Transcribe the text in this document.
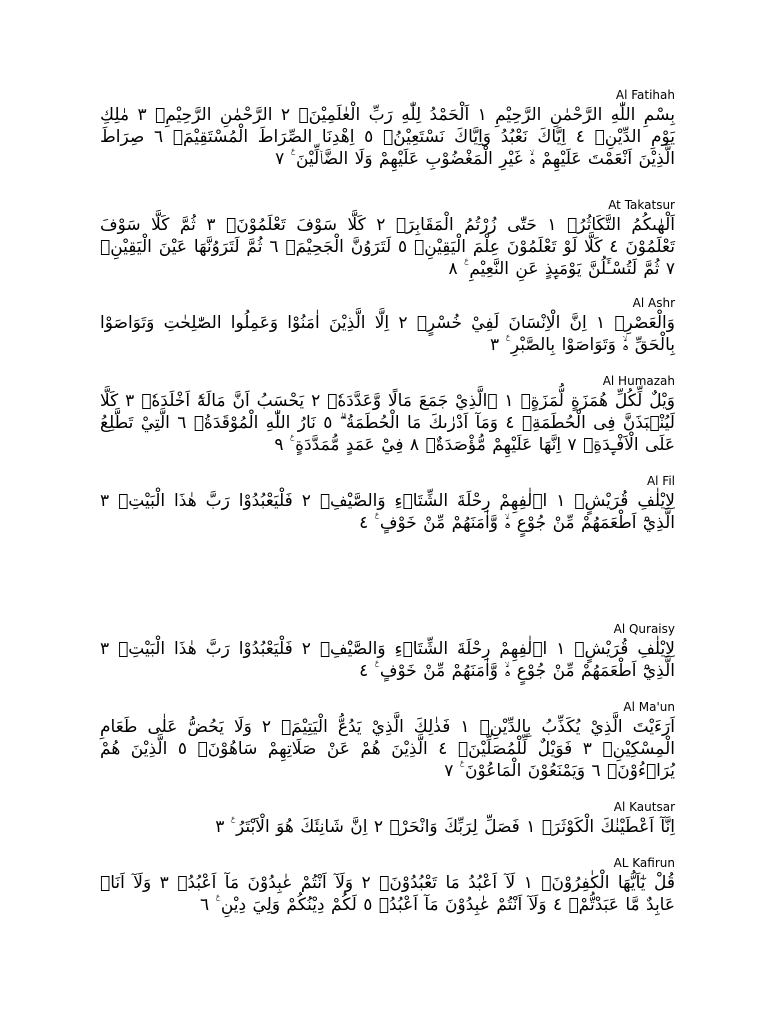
Al Fatihah

بِسْمِ اللّٰهِ الرَّحْمٰنِ الرَّحِيْمِ ١ اَلْحَمْدُ لِلّٰهِ رَبِّ الْعٰلَمِيْنَۙ ٢ الرَّحْمٰنِ الرَّحِيْمِۙ ٣ مٰلِكِ يَوْمِ الدِّيْنِۗ ٤ اِيَّاكَ نَعْبُدُ وَاِيَّاكَ نَسْتَعِيْنُۗ ٥ اِهْدِنَا الصِّرَاطَ الْمُسْتَقِيْمَۙ ٦ صِرَاطَ الَّذِيْنَ اَنْعَمْتَ عَلَيْهِمْ ەۙ غَيْرِ الْمَغْضُوْبِ عَلَيْهِمْ وَلَا الضَّاۤلِّيْنَ ࣖ ٧

At Takatsur

اَلْهٰىكُمُ التَّكَاثُرُۙ ١ حَتّٰى زُرْتُمُ الْمَقَابِرَۗ ٢ كَلَّا سَوْفَ تَعْلَمُوْنَۙ ٣ ثُمَّ كَلَّا سَوْفَ تَعْلَمُوْنَ ٤ كَلَّا لَوْ تَعْلَمُوْنَ عِلْمَ الْيَقِيْنِۗ ٥ لَتَرَوُنَّ الْجَحِيْمَۙ ٦ ثُمَّ لَتَرَوُنَّهَا عَيْنَ الْيَقِيْنِۙ ٧ ثُمَّ لَتُسْـَٔلُنَّ يَوْمَىِٕذٍ عَنِ النَّعِيْمِ ࣖ ٨

Al Ashr

وَالْعَصْرِۙ ١ اِنَّ الْاِنْسَانَ لَفِيْ خُسْرٍۙ ٢ اِلَّا الَّذِيْنَ اٰمَنُوْا وَعَمِلُوا الصّٰلِحٰتِ وَتَوَاصَوْا بِالْحَقِّ ەۙ وَتَوَاصَوْا بِالصَّبْرِ ࣖ ٣

Al Humazah

وَيْلٌ لِّكُلِّ هُمَزَةٍ لُّمَزَةٍۙ ١ ۨالَّذِيْ جَمَعَ مَالًا وَّعَدَّدَهٗۙ ٢ يَحْسَبُ اَنَّ مَالَهٗٓ اَخْلَدَهٗۚ ٣ كَلَّا لَيُنْۢبَذَنَّ فِى الْحُطَمَةِۖ ٤ وَمَآ اَدْرٰىكَ مَا الْحُطَمَةُ ۗ ٥ نَارُ اللّٰهِ الْمُوْقَدَةُۙ ٦ الَّتِيْ تَطَّلِعُ عَلَى الْاَفْـِٕدَةِۗ ٧ اِنَّهَا عَلَيْهِمْ مُّؤْصَدَةٌۙ ٨ فِيْ عَمَدٍ مُّمَدَّدَةٍ ࣖ ٩

Al Fil

لِاِيْلٰفِ قُرَيْشٍۙ ١ اٖلٰفِهِمْ رِحْلَةَ الشِّتَاۤءِ وَالصَّيْفِۚ ٢ فَلْيَعْبُدُوْا رَبَّ هٰذَا الْبَيْتِۙ ٣ الَّذِيْٓ اَطْعَمَهُمْ مِّنْ جُوْعٍ ەۙ وَّاٰمَنَهُمْ مِّنْ خَوْفٍ ࣖ ٤

Al Quraisy

لِاِيْلٰفِ قُرَيْشٍۙ ١ اٖلٰفِهِمْ رِحْلَةَ الشِّتَاۤءِ وَالصَّيْفِۚ ٢ فَلْيَعْبُدُوْا رَبَّ هٰذَا الْبَيْتِۙ ٣ الَّذِيْٓ اَطْعَمَهُمْ مِّنْ جُوْعٍ ەۙ وَّاٰمَنَهُمْ مِّنْ خَوْفٍ ࣖ ٤

Al Ma'un

اَرَءَيْتَ الَّذِيْ يُكَذِّبُ بِالدِّيْنِۗ ١ فَذٰلِكَ الَّذِيْ يَدُعُّ الْيَتِيْمَۙ ٢ وَلَا يَحُضُّ عَلٰى طَعَامِ الْمِسْكِيْنِۗ ٣ فَوَيْلٌ لِّلْمُصَلِّيْنَۙ ٤ الَّذِيْنَ هُمْ عَنْ صَلَاتِهِمْ سَاهُوْنَۙ ٥ الَّذِيْنَ هُمْ يُرَاۤءُوْنَۙ ٦ وَيَمْنَعُوْنَ الْمَاعُوْنَ ࣖ ٧

Al Kautsar

اِنَّآ اَعْطَيْنٰكَ الْكَوْثَرَۗ ١ فَصَلِّ لِرَبِّكَ وَانْحَرْۗ ٢ اِنَّ شَانِئَكَ هُوَ الْاَبْتَرُ ࣖ ٣

AL Kafirun

قُلْ يٰٓاَيُّهَا الْكٰفِرُوْنَۙ ١ لَآ اَعْبُدُ مَا تَعْبُدُوْنَۙ ٢ وَلَآ اَنْتُمْ عٰبِدُوْنَ مَآ اَعْبُدُۚ ٣ وَلَآ اَنَا۠ عَابِدٌ مَّا عَبَدْتُّمْۙ ٤ وَلَآ اَنْتُمْ عٰبِدُوْنَ مَآ اَعْبُدُۗ ٥ لَكُمْ دِيْنُكُمْ وَلِيَ دِيْنِ ࣖ ٦
